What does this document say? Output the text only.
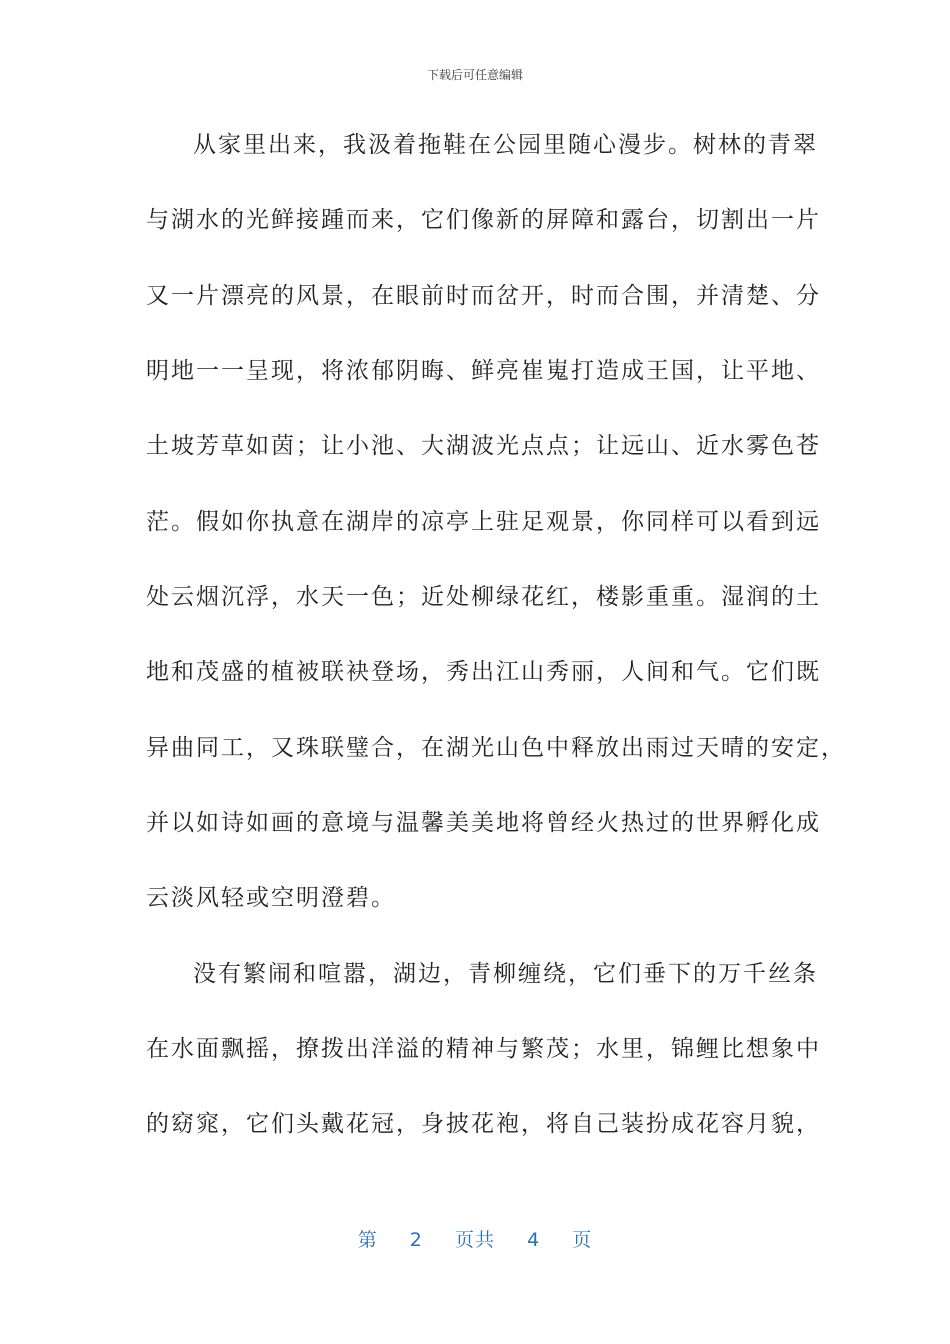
下载后可任意编辑
从家里出来，我汲着拖鞋在公园里随心漫步。树林的青翠
与湖水的光鲜接踵而来，它们像新的屏障和露台，切割出一片
又一片漂亮的风景，在眼前时而岔开，时而合围，并清楚、分
明地一一呈现，将浓郁阴晦、鲜亮崔嵬打造成王国，让平地、
土坡芳草如茵；让小池、大湖波光点点；让远山、近水雾色苍
茫。假如你执意在湖岸的凉亭上驻足观景，你同样可以看到远
处云烟沉浮，水天一色；近处柳绿花红，楼影重重。湿润的土
地和茂盛的植被联袂登场，秀出江山秀丽，人间和气。它们既
异曲同工，又珠联璧合，在湖光山色中释放出雨过天晴的安定，
并以如诗如画的意境与温馨美美地将曾经火热过的世界孵化成
云淡风轻或空明澄碧。
没有繁闹和喧嚣，湖边，青柳缠绕，它们垂下的万千丝条
在水面飘摇，撩拨出洋溢的精神与繁茂；水里，锦鲤比想象中
的窈窕，它们头戴花冠，身披花袍，将自己装扮成花容月貌，
第 2 页共 4 页
